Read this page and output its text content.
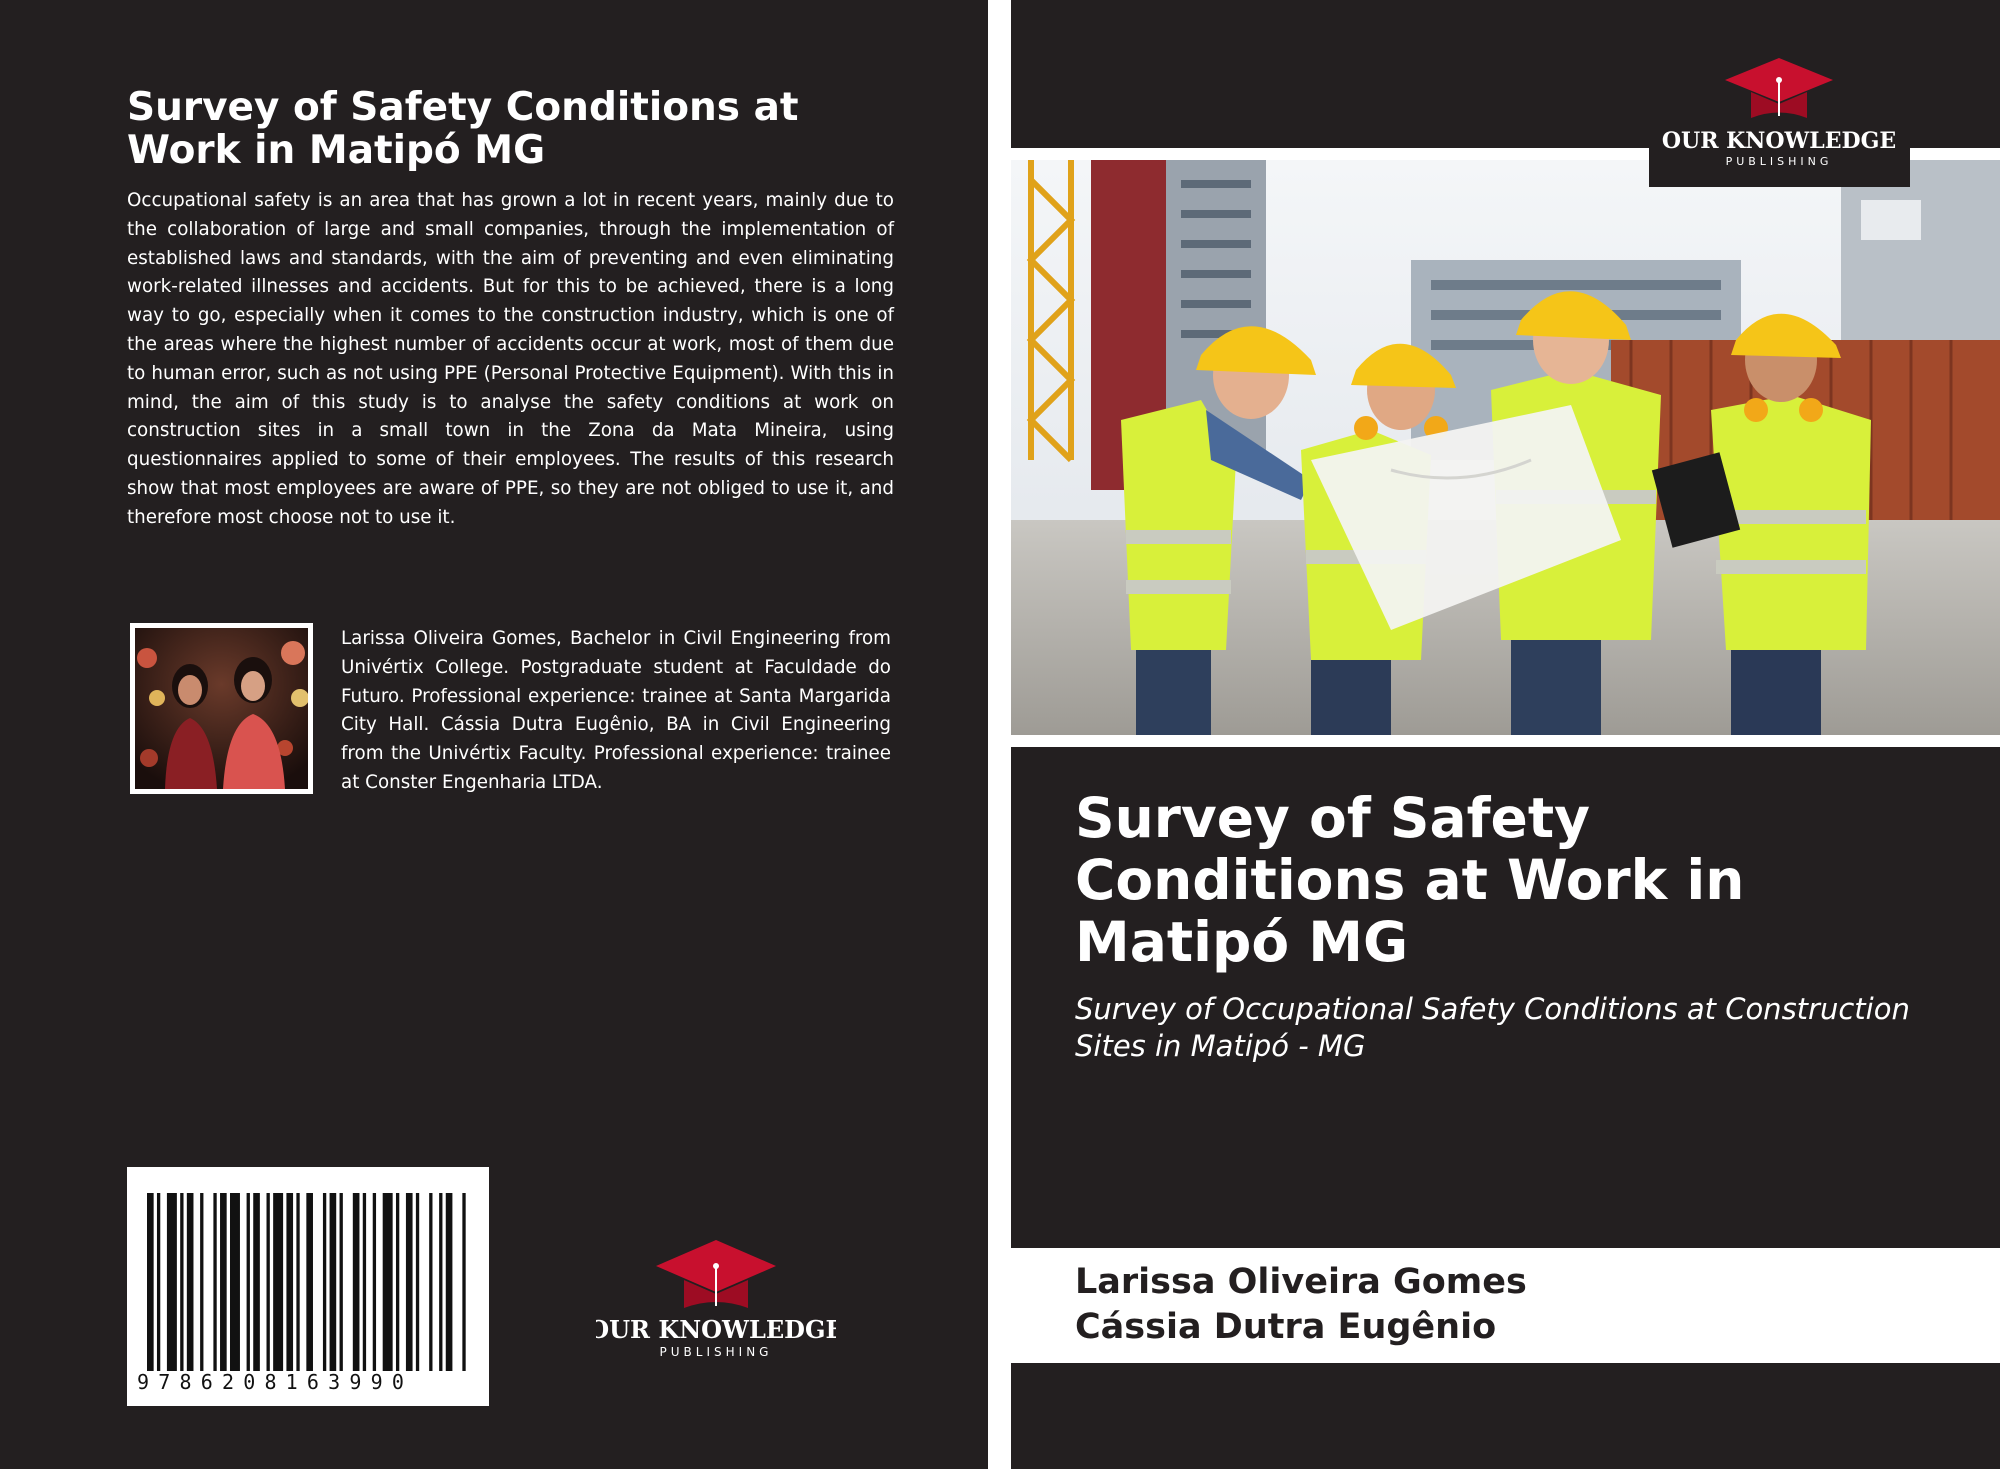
Survey of Safety Conditions at Work in Matipó MG

Occupational safety is an area that has grown a lot in recent years, mainly due to the collaboration of large and small companies, through the implementation of established laws and standards, with the aim of preventing and even eliminating work-related illnesses and accidents. But for this to be achieved, there is a long way to go, especially when it comes to the construction industry, which is one of the areas where the highest number of accidents occur at work, most of them due to human error, such as not using PPE (Personal Protective Equipment). With this in mind, the aim of this study is to analyse the safety conditions at work on construction sites in a small town in the Zona da Mata Mineira, using questionnaires applied to some of their employees. The results of this research show that most employees are aware of PPE, so they are not obliged to use it, and therefore most choose not to use it.

Larissa Oliveira Gomes, Bachelor in Civil Engineering from Univértix College. Postgraduate student at Faculdade do Futuro. Professional experience: trainee at Santa Margarida City Hall. Cássia Dutra Eugênio, BA in Civil Engineering from the Univértix Faculty. Professional experience: trainee at Conster Engenharia LTDA.

9786208163990
OUR KNOWLEDGE
PUBLISHING
OUR KNOWLEDGE
PUBLISHING
Survey of Safety Conditions at Work in Matipó MG

Survey of Occupational Safety Conditions at Construction Sites in Matipó - MG

Larissa Oliveira Gomes
Cássia Dutra Eugênio
